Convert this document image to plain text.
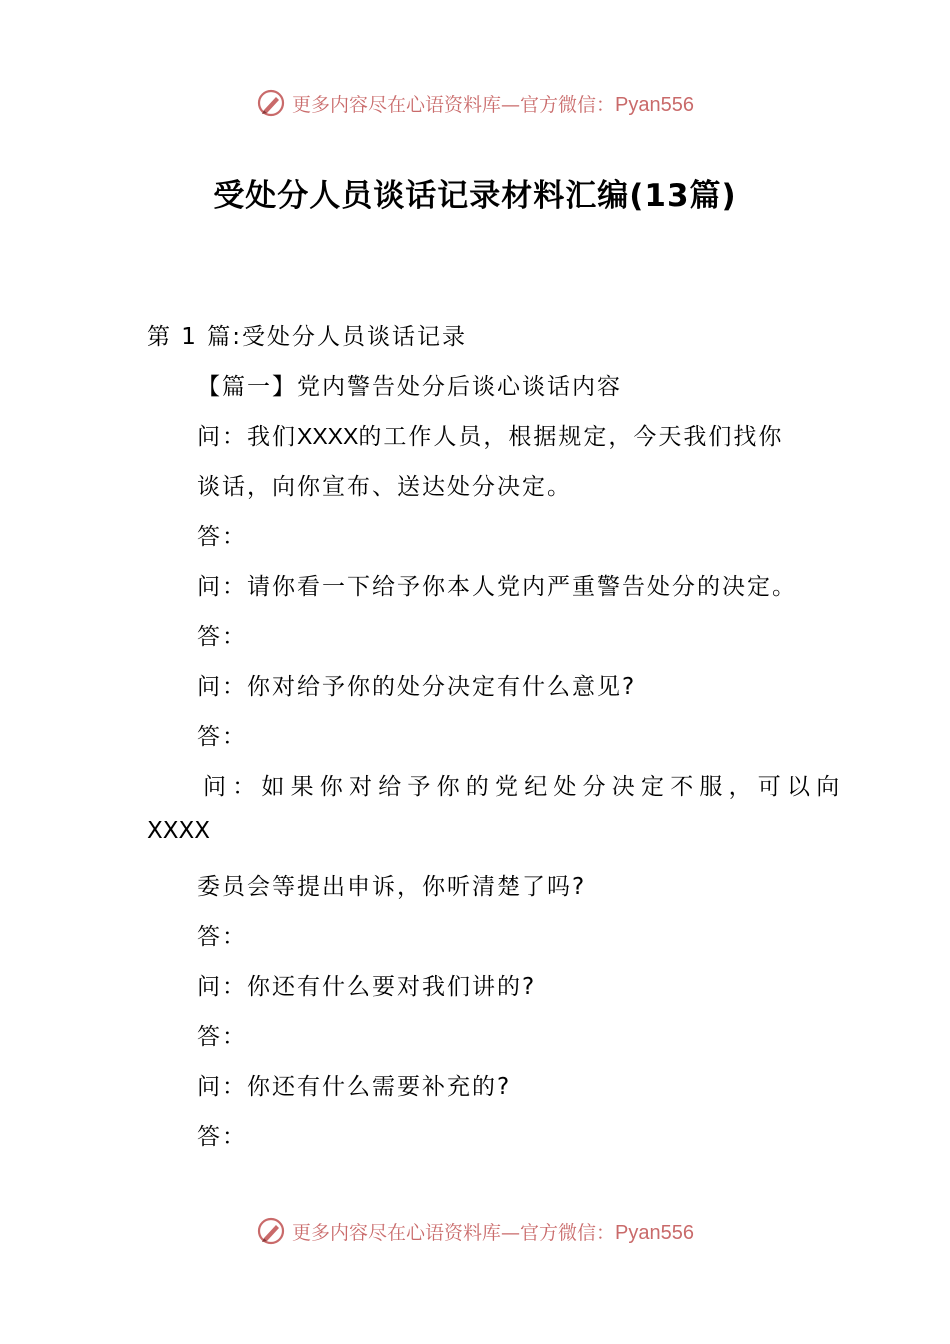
更多内容尽在心语资料库—官方微信：Pyan556
受处分人员谈话记录材料汇编(13篇)

第 1 篇:受处分人员谈话记录

【篇一】党内警告处分后谈心谈话内容

问：我们XXXX的工作人员，根据规定，今天我们找你

谈话，向你宣布、送达处分决定。

答：

问：请你看一下给予你本人党内严重警告处分的决定。

答：

问：你对给予你的处分决定有什么意见?

答：

问：如果你对给予你的党纪处分决定不服，可以向

XXXX

委员会等提出申诉，你听清楚了吗?

答：

问：你还有什么要对我们讲的?

答：

问：你还有什么需要补充的?

答：

更多内容尽在心语资料库—官方微信：Pyan556
